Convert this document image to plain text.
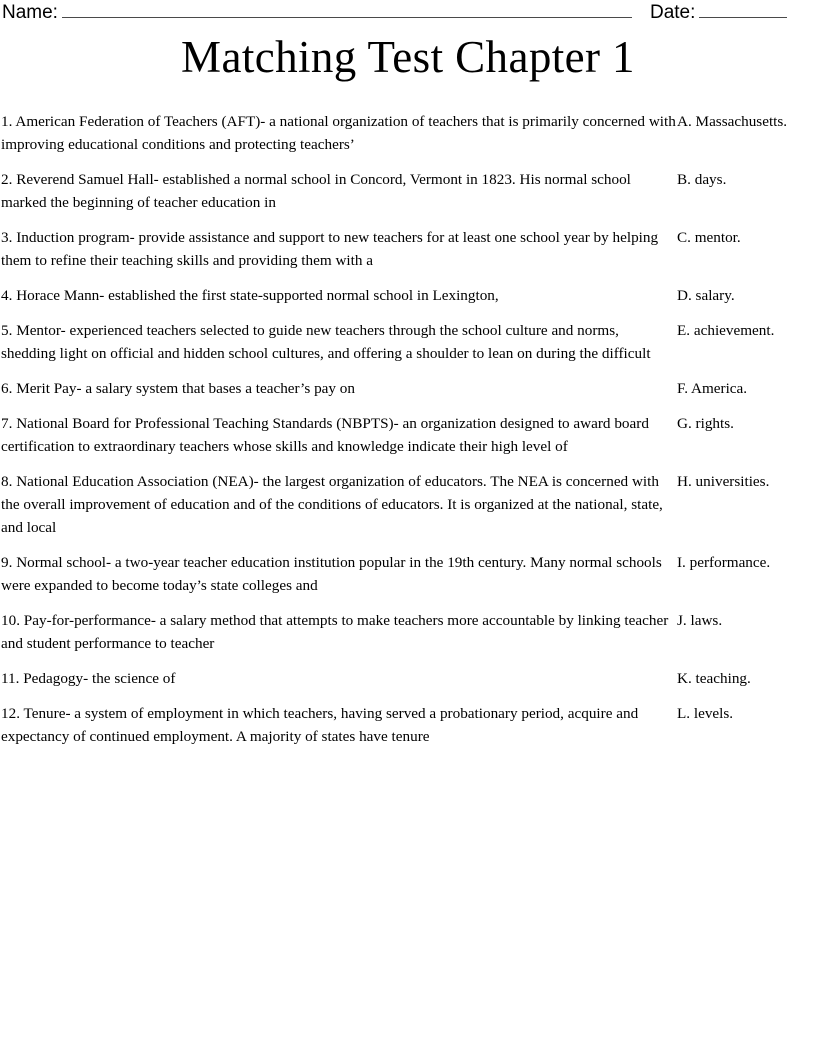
Name:	Date:
Matching Test Chapter 1
1. American Federation of Teachers (AFT)- a national organization of teachers that is primarily concerned with improving educational conditions and protecting teachers’	A. Massachusetts.

2. Reverend Samuel Hall- established a normal school in Concord, Vermont in 1823. His normal school marked the beginning of teacher education in	B. days.

3. Induction program- provide assistance and support to new teachers for at least one school year by helping them to refine their teaching skills and providing them with a	C. mentor.

4. Horace Mann- established the first state-supported normal school in Lexington,	D. salary.

5. Mentor- experienced teachers selected to guide new teachers through the school culture and norms, shedding light on official and hidden school cultures, and offering a shoulder to lean on during the difficult	E. achievement.

6. Merit Pay- a salary system that bases a teacher’s pay on	F. America.

7. National Board for Professional Teaching Standards (NBPTS)- an organization designed to award board certification to extraordinary teachers whose skills and knowledge indicate their high level of	G. rights.

8. National Education Association (NEA)- the largest organization of educators. The NEA is concerned with the overall improvement of education and of the conditions of educators. It is organized at the national, state, and local	H. universities.

9. Normal school- a two-year teacher education institution popular in the 19th century. Many normal schools were expanded to become today’s state colleges and	I. performance.

10. Pay-for-performance- a salary method that attempts to make teachers more accountable by linking teacher and student performance to teacher	J. laws.

11. Pedagogy- the science of	K. teaching.

12. Tenure- a system of employment in which teachers, having served a probationary period, acquire and expectancy of continued employment. A majority of states have tenure	L. levels.
